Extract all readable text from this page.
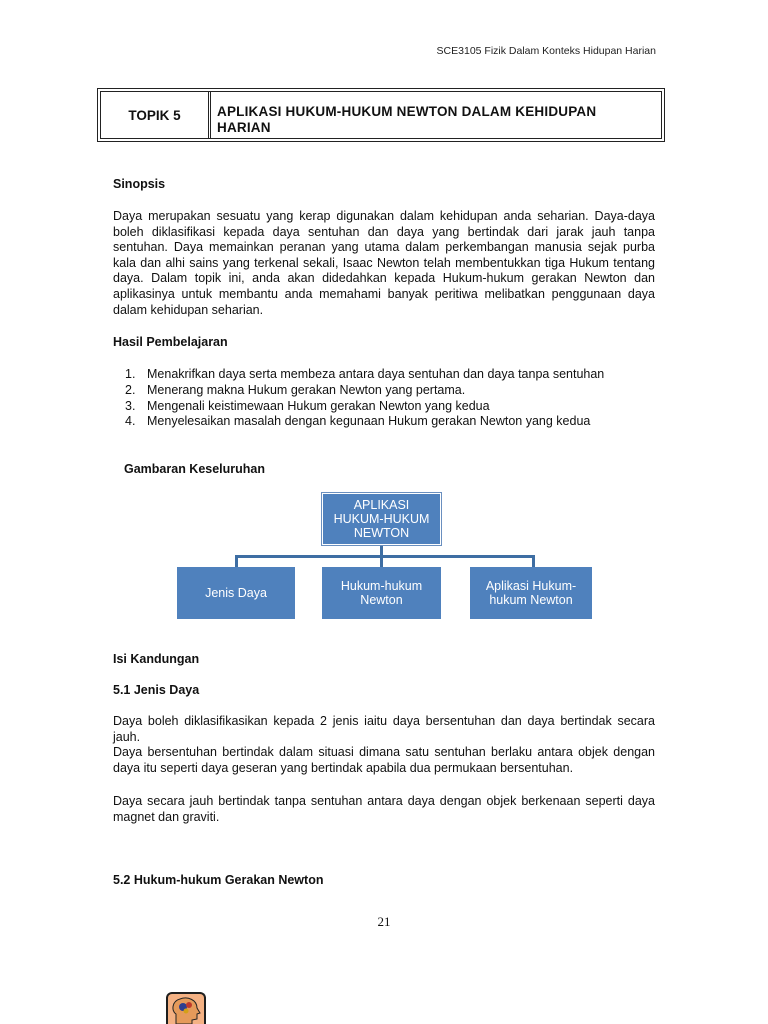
SCE3105 Fizik Dalam Konteks Hidupan Harian
TOPIK 5	APLIKASI HUKUM-HUKUM NEWTON DALAM KEHIDUPAN HARIAN
Sinopsis

Daya merupakan sesuatu yang kerap digunakan dalam kehidupan anda seharian. Daya-daya boleh diklasifikasi kepada daya sentuhan dan daya yang bertindak dari jarak jauh tanpa sentuhan. Daya memainkan peranan yang utama dalam perkembangan manusia sejak purba kala dan alhi sains yang terkenal sekali, Isaac Newton telah membentukkan tiga Hukum tentang daya. Dalam topik ini, anda akan didedahkan kepada Hukum-hukum gerakan Newton dan aplikasinya untuk membantu anda memahami banyak peritiwa melibatkan penggunaan daya dalam kehidupan seharian.

Hasil Pembelajaran
1. Menakrifkan daya serta membeza antara daya sentuhan dan daya tanpa sentuhan
2. Menerang makna Hukum gerakan Newton yang pertama.
3. Mengenali keistimewaan Hukum gerakan Newton yang kedua
4. Menyelesaikan masalah dengan kegunaan Hukum gerakan Newton yang kedua
Gambaran Keseluruhan
APLIKASI
HUKUM-HUKUM
NEWTON
Jenis Daya	Hukum-hukum
Newton
Aplikasi Hukum-
hukum Newton
Isi Kandungan
5.1 Jenis Daya

Daya boleh diklasifikasikan kepada 2 jenis iaitu daya bersentuhan dan daya bertindak secara jauh.

Daya bersentuhan bertindak dalam situasi dimana satu sentuhan berlaku antara objek dengan daya itu seperti daya geseran yang bertindak apabila dua permukaan bersentuhan.

Daya secara jauh bertindak tanpa sentuhan antara daya dengan objek berkenaan seperti daya magnet dan graviti.

5.2 Hukum-hukum Gerakan Newton
21
